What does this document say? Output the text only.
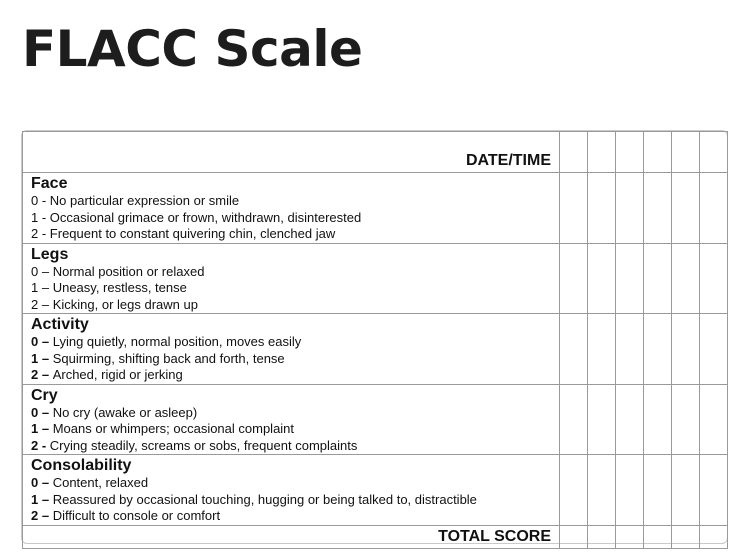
FLACC Scale
DATE/TIME						

Face
0 - No particular expression or smile
1 - Occasional grimace or frown, withdrawn, disinterested
2 - Frequent to constant quivering chin, clenched jaw						

Legs
0 – Normal position or relaxed
1 – Uneasy, restless, tense
2 – Kicking, or legs drawn up						

Activity
0 – Lying quietly, normal position, moves easily
1 – Squirming, shifting back and forth, tense
2 – Arched, rigid or jerking						

Cry
0 – No cry (awake or asleep)
1 – Moans or whimpers; occasional complaint
2 - Crying steadily, screams or sobs, frequent complaints						

Consolability
0 – Content, relaxed
1 – Reassured by occasional touching, hugging or being talked to, distractible
2 – Difficult to console or comfort						

TOTAL SCORE						
